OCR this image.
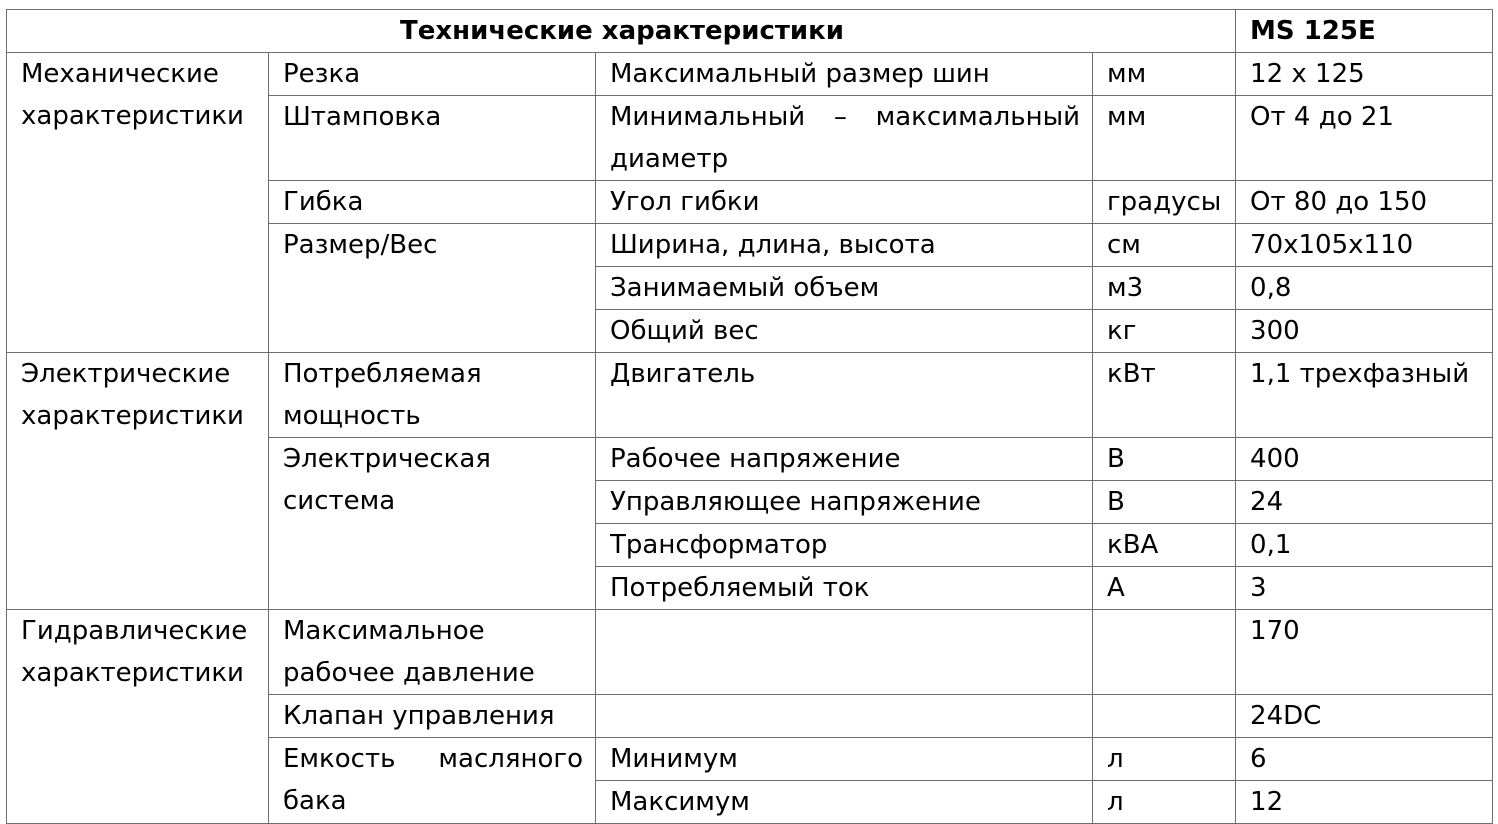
Технические характеристики				MS 125E
Механические характеристики	Резка	Максимальный размер шин	мм	12 x 125
	Штамповка	Минимальный – максимальный диаметр	мм	От 4 до 21
	Гибка	Угол гибки	градусы	От 80 до 150
	Размер/Вес	Ширина, длина, высота	см	70x105x110
		Занимаемый объем	м3	0,8
		Общий вес	кг	300
Электрические характеристики	Потребляемая мощность	Двигатель	кВт	1,1 трехфазный
	Электрическая система	Рабочее напряжение	В	400
		Управляющее напряжение	В	24
		Трансформатор	кВА	0,1
		Потребляемый ток	А	3
Гидравлические характеристики	Максимальное рабочее давление			170
	Клапан управления			24DC
	Емкость масляного бака	Минимум	л	6
		Максимум	л	12
